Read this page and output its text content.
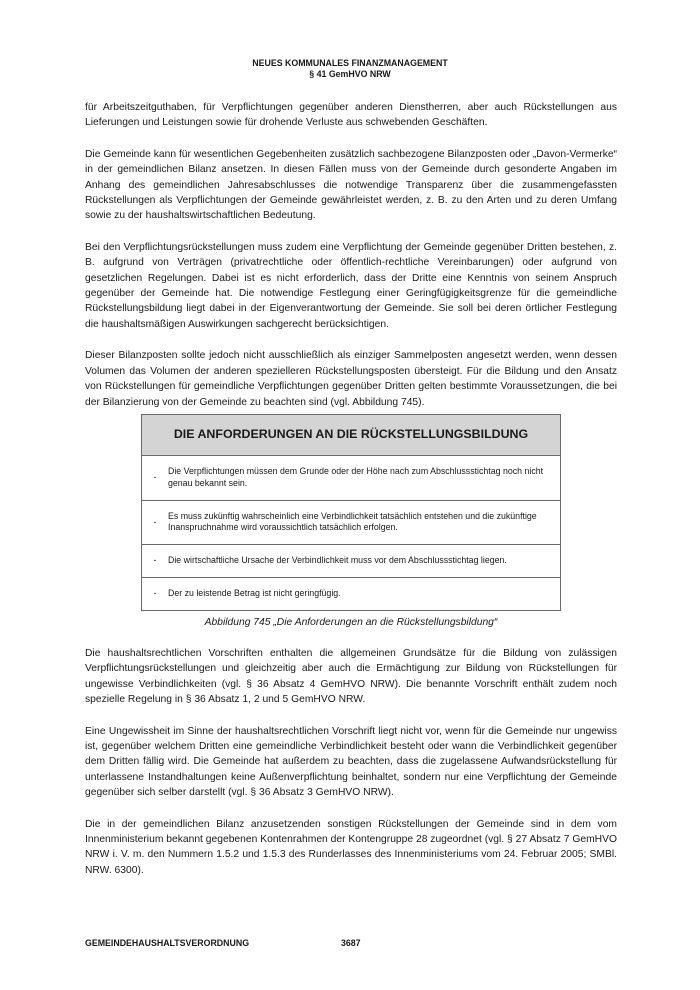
NEUES KOMMUNALES FINANZMANAGEMENT
§ 41 GemHVO NRW

für Arbeitszeitguthaben, für Verpflichtungen gegenüber anderen Dienstherren, aber auch Rückstellungen aus Lieferungen und Leistungen sowie für drohende Verluste aus schwebenden Geschäften.

Die Gemeinde kann für wesentlichen Gegebenheiten zusätzlich sachbezogene Bilanzposten oder „Davon-Vermerke“ in der gemeindlichen Bilanz ansetzen. In diesen Fällen muss von der Gemeinde durch gesonderte Angaben im Anhang des gemeindlichen Jahresabschlusses die notwendige Transparenz über die zusammengefassten Rückstellungen als Verpflichtungen der Gemeinde gewährleistet werden, z. B. zu den Arten und zu deren Umfang sowie zu der haushaltswirtschaftlichen Bedeutung.

Bei den Verpflichtungsrückstellungen muss zudem eine Verpflichtung der Gemeinde gegenüber Dritten bestehen, z. B. aufgrund von Verträgen (privatrechtliche oder öffentlich-rechtliche Vereinbarungen) oder aufgrund von gesetzlichen Regelungen. Dabei ist es nicht erforderlich, dass der Dritte eine Kenntnis von seinem Anspruch gegenüber der Gemeinde hat. Die notwendige Festlegung einer Geringfügigkeitsgrenze für die gemeindliche Rückstellungsbildung liegt dabei in der Eigenverantwortung der Gemeinde. Sie soll bei deren örtlicher Festlegung die haushaltsmäßigen Auswirkungen sachgerecht berücksichtigen.

Dieser Bilanzposten sollte jedoch nicht ausschließlich als einziger Sammelposten angesetzt werden, wenn dessen Volumen das Volumen der anderen spezielleren Rückstellungsposten übersteigt. Für die Bildung und den Ansatz von Rückstellungen für gemeindliche Verpflichtungen gegenüber Dritten gelten bestimmte Voraussetzungen, die bei der Bilanzierung von der Gemeinde zu beachten sind (vgl. Abbildung 745).

DIE ANFORDERUNGEN AN DIE RÜCKSTELLUNGSBILDUNG
-
Die Verpflichtungen müssen dem Grunde oder der Höhe nach zum Abschlussstichtag noch nicht genau bekannt sein.
-
Es muss zukünftig wahrscheinlich eine Verbindlichkeit tatsächlich entstehen und die zukünftige Inanspruchnahme wird voraussichtlich tatsächlich erfolgen.
-	Die wirtschaftliche Ursache der Verbindlichkeit muss vor dem Abschlussstichtag liegen.
-	Der zu leistende Betrag ist nicht geringfügig.
Abbildung 745 „Die Anforderungen an die Rückstellungsbildung“

Die haushaltsrechtlichen Vorschriften enthalten die allgemeinen Grundsätze für die Bildung von zulässigen Verpflichtungsrückstellungen und gleichzeitig aber auch die Ermächtigung zur Bildung von Rückstellungen für ungewisse Verbindlichkeiten (vgl. § 36 Absatz 4 GemHVO NRW). Die benannte Vorschrift enthält zudem noch spezielle Regelung in § 36 Absatz 1, 2 und 5 GemHVO NRW.

Eine Ungewissheit im Sinne der haushaltsrechtlichen Vorschrift liegt nicht vor, wenn für die Gemeinde nur ungewiss ist, gegenüber welchem Dritten eine gemeindliche Verbindlichkeit besteht oder wann die Verbindlichkeit gegenüber dem Dritten fällig wird. Die Gemeinde hat außerdem zu beachten, dass die zugelassene Aufwandsrückstellung für unterlassene Instandhaltungen keine Außenverpflichtung beinhaltet, sondern nur eine Verpflichtung der Gemeinde gegenüber sich selber darstellt (vgl. § 36 Absatz 3 GemHVO NRW).

Die in der gemeindlichen Bilanz anzusetzenden sonstigen Rückstellungen der Gemeinde sind in dem vom Innenministerium bekannt gegebenen Kontenrahmen der Kontengruppe 28 zugeordnet (vgl. § 27 Absatz 7 GemHVO NRW i. V. m. den Nummern 1.5.2 und 1.5.3 des Runderlasses des Innenministeriums vom 24. Februar 2005; SMBl. NRW. 6300).

GEMEINDEHAUSHALTSVERORDNUNG	3687
